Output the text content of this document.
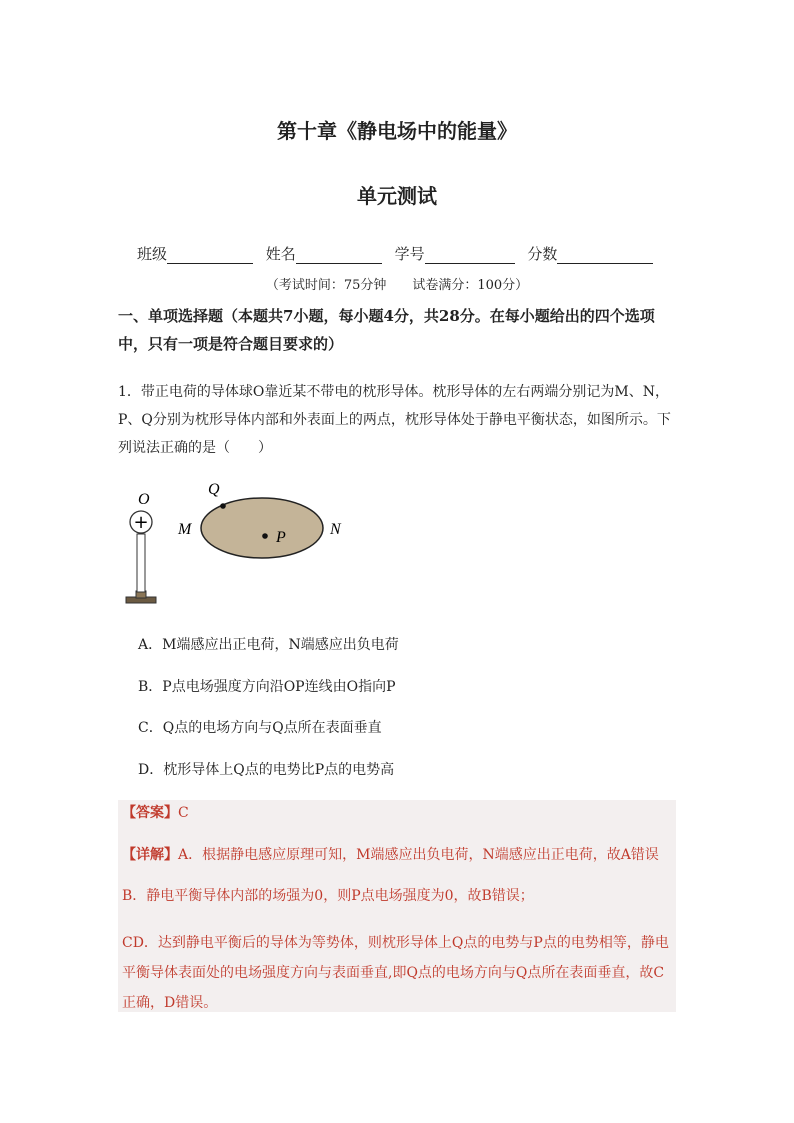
第十章《静电场中的能量》
单元测试
班级	姓名	学号	分数
（考试时间：75分钟　　试卷满分：100分）
一、单项选择题（本题共7小题，每小题4分，共28分。在每小题给出的四个选项中，只有一项是符合题目要求的）
1．带正电荷的导体球O靠近某不带电的枕形导体。枕形导体的左右两端分别记为M、N，P、Q分别为枕形导体内部和外表面上的两点，枕形导体处于静电平衡状态，如图所示。下列说法正确的是（　　）
+
O
Q
P
M	N
A．M端感应出正电荷，N端感应出负电荷
B．P点电场强度方向沿OP连线由O指向P
C．Q点的电场方向与Q点所在表面垂直
D．枕形导体上Q点的电势比P点的电势高
【答案】C
【详解】A．根据静电感应原理可知，M端感应出负电荷，N端感应出正电荷，故A错误
B．静电平衡导体内部的场强为0，则P点电场强度为0，故B错误；
CD．达到静电平衡后的导体为等势体，则枕形导体上Q点的电势与P点的电势相等，静电平衡导体表面处的电场强度方向与表面垂直,即Q点的电场方向与Q点所在表面垂直，故C正确，D错误。
